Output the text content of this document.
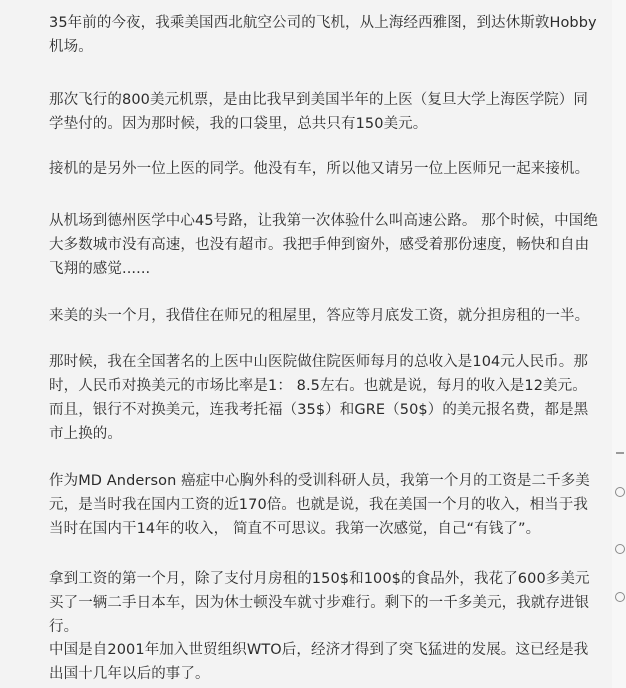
35年前的今夜，我乘美国西北航空公司的飞机，从上海经西雅图，到达休斯敦Hobby 机场。

那次飞行的800美元机票，是由比我早到美国半年的上医（复旦大学上海医学院）同学垫付的。因为那时候，我的口袋里，总共只有150美元。

接机的是另外一位上医的同学。他没有车，所以他又请另一位上医师兄一起来接机。

从机场到德州医学中心45号路，让我第一次体验什么叫高速公路。 那个时候，中国绝大多数城市没有高速，也没有超市。我把手伸到窗外，感受着那份速度，畅快和自由飞翔的感觉......

来美的头一个月，我借住在师兄的租屋里，答应等月底发工资，就分担房租的一半。

那时候，我在全国著名的上医中山医院做住院医师每月的总收入是104元人民币。那时，人民币对换美元的市场比率是1： 8.5左右。也就是说，每月的收入是12美元。而且，银行不对换美元，连我考托福（35$）和GRE（50$）的美元报名费，都是黑市上换的。

作为MD Anderson 癌症中心胸外科的受训科研人员，我第一个月的工资是二千多美元，是当时我在国内工资的近170倍。也就是说，我在美国一个月的收入，相当于我当时在国内干14年的收入， 简直不可思议。我第一次感觉，自己“有钱了”。

拿到工资的第一个月，除了支付月房租的150$和100$的食品外，我花了600多美元买了一辆二手日本车，因为休士顿没车就寸步难行。剩下的一千多美元，我就存进银行。

中国是自2001年加入世贸组织WTO后，经济才得到了突飞猛进的发展。这已经是我出国十几年以后的事了。
